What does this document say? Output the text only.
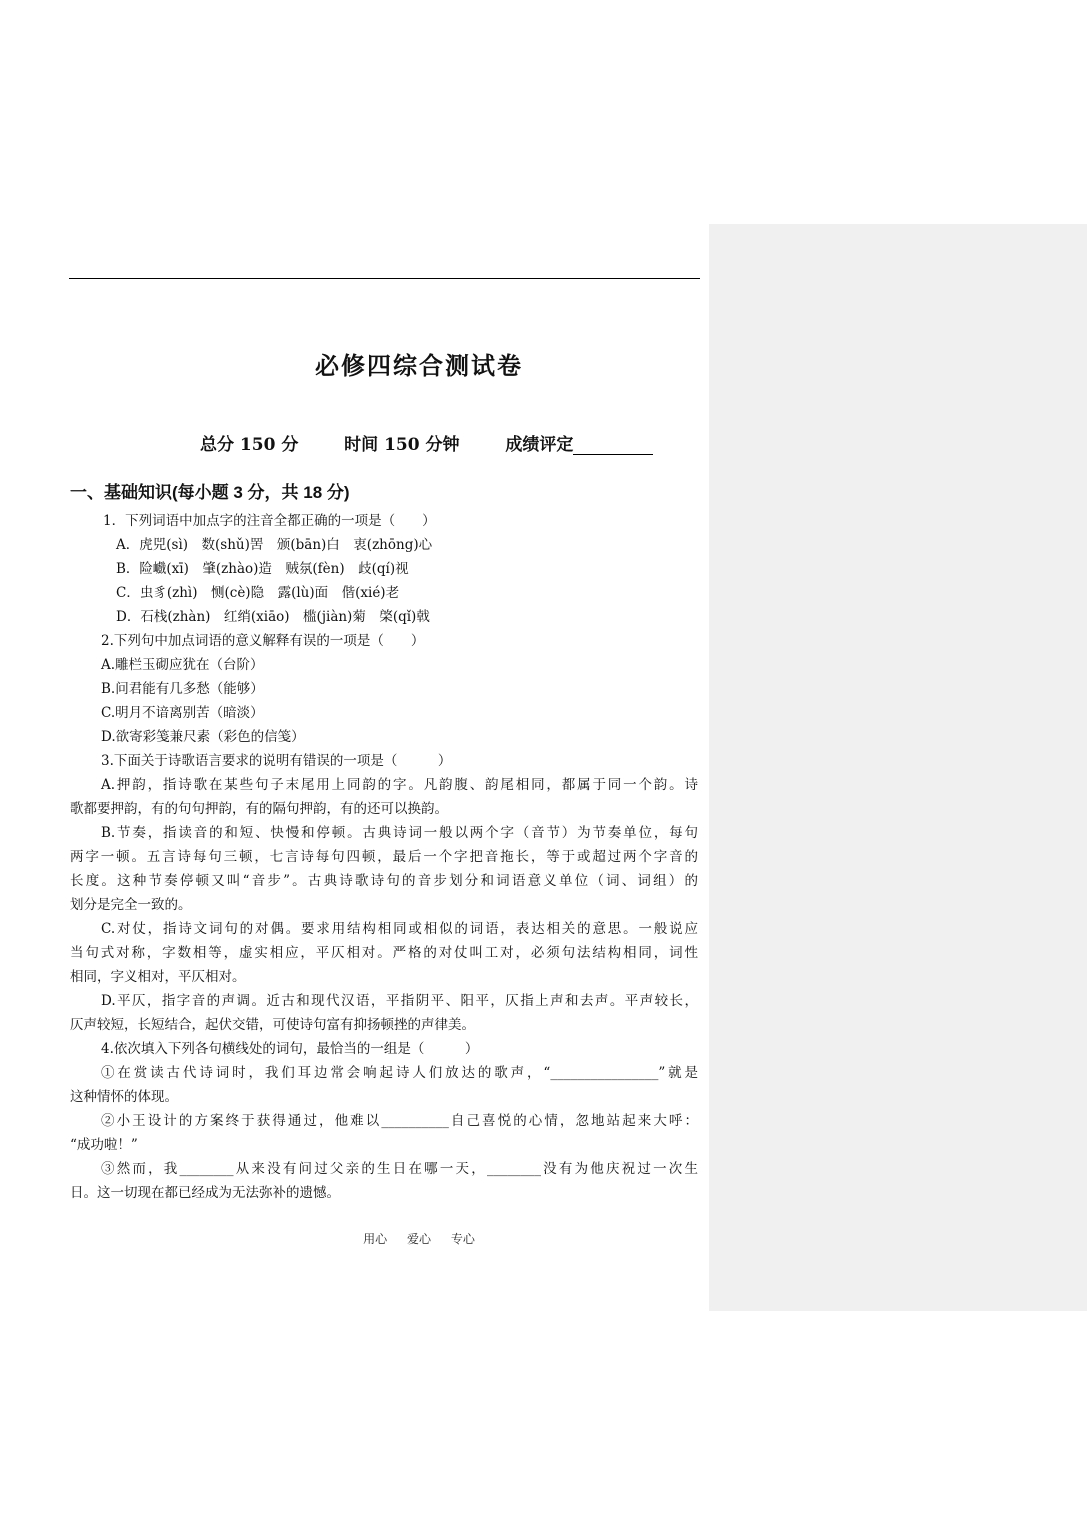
必修四综合测试卷
总分 150 分	时间 150 分钟	成绩评定
一、基础知识(每小题 3 分，共 18 分)
1．下列词语中加点字的注音全都正确的一项是（　　）
A．虎兕(sì)　数(shǔ)罟　颁(bān)白　衷(zhōng)心
B．险巇(xī)　肇(zhào)造　贼氛(fèn)　歧(qí)视
C．虫豸(zhì)　恻(cè)隐　露(lù)面　偕(xié)老
D．石栈(zhàn)　红绡(xiāo)　槛(jiàn)菊　棨(qǐ)戟
2.下列句中加点词语的意义解释有误的一项是（　　）
A.雕栏玉砌应犹在（台阶）
B.问君能有几多愁（能够）
C.明月不谙离别苦（暗淡）
D.欲寄彩笺兼尺素（彩色的信笺）
3.下面关于诗歌语言要求的说明有错误的一项是（　　　）
A.押韵，指诗歌在某些句子末尾用上同韵的字。凡韵腹、韵尾相同，都属于同一个韵。诗
歌都要押韵，有的句句押韵，有的隔句押韵，有的还可以换韵。
B.节奏，指读音的和短、快慢和停顿。古典诗词一般以两个字（音节）为节奏单位，每句
两字一顿。五言诗每句三顿，七言诗每句四顿，最后一个字把音拖长，等于或超过两个字音的
长度。这种节奏停顿又叫“音步”。古典诗歌诗句的音步划分和词语意义单位（词、词组）的
划分是完全一致的。
C.对仗，指诗文词句的对偶。要求用结构相同或相似的词语，表达相关的意思。一般说应
当句式对称，字数相等，虚实相应，平仄相对。严格的对仗叫工对，必须句法结构相同，词性
相同，字义相对，平仄相对。
D.平仄，指字音的声调。近古和现代汉语，平指阴平、阳平，仄指上声和去声。平声较长，
仄声较短，长短结合，起伏交错，可使诗句富有抑扬顿挫的声律美。
4.依次填入下列各句横线处的词句，最恰当的一组是（　　　）
①在赏读古代诗词时，我们耳边常会响起诗人们放达的歌声，“________________”就是
这种情怀的体现。
②小王设计的方案终于获得通过，他难以__________自己喜悦的心情，忽地站起来大呼：
“成功啦！”
③然而，我________从来没有问过父亲的生日在哪一天，________没有为他庆祝过一次生
日。这一切现在都已经成为无法弥补的遗憾。
用心 爱心 专心
